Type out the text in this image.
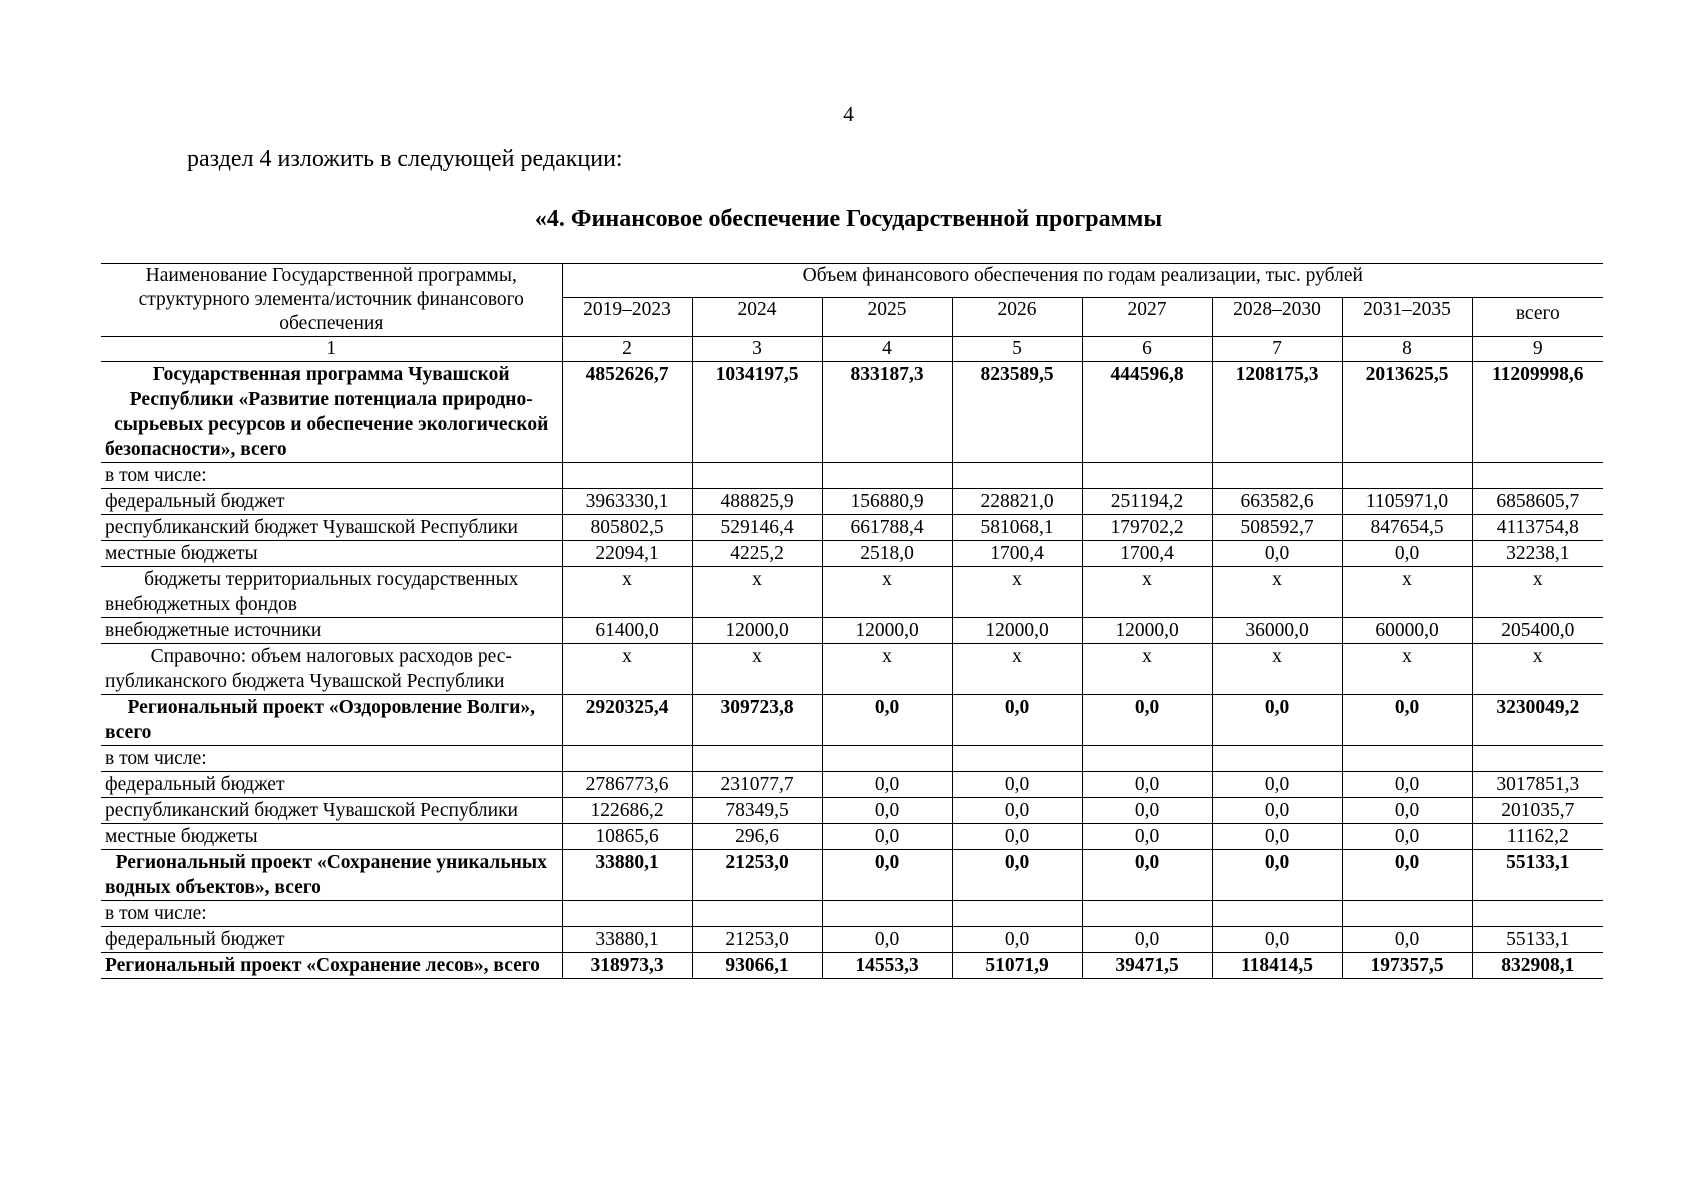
4
раздел 4 изложить в следующей редакции:
«4. Финансовое обеспечение Государственной программы
Наименование Государственной программы, структурного элемента/источник финансового обеспечения	Объем финансового обеспечения по годам реализации, тыс. рублей							
	2019–2023	2024	2025	2026	2027	2028–2030	2031–2035	всего
1	2	3	4	5	6	7	8	9
Государственная программа Чувашской Республики «Развитие потенциала природно-сырьевых ресурсов и обеспечение экологической безопасности», всего	4852626,7	1034197,5	833187,3	823589,5	444596,8	1208175,3	2013625,5	11209998,6
в том числе:								
федеральный бюджет	3963330,1	488825,9	156880,9	228821,0	251194,2	663582,6	1105971,0	6858605,7
республиканский бюджет Чувашской Республики	805802,5	529146,4	661788,4	581068,1	179702,2	508592,7	847654,5	4113754,8
местные бюджеты	22094,1	4225,2	2518,0	1700,4	1700,4	0,0	0,0	32238,1
бюджеты территориальных государственных внебюджетных фондов	х	х	х	х	х	х	х	х
внебюджетные источники	61400,0	12000,0	12000,0	12000,0	12000,0	36000,0	60000,0	205400,0
Справочно: объем налоговых расходов республиканского бюджета Чувашской Республики	х	х	х	х	х	х	х	х
Региональный проект «Оздоровление Волги», всего	2920325,4	309723,8	0,0	0,0	0,0	0,0	0,0	3230049,2
в том числе:								
федеральный бюджет	2786773,6	231077,7	0,0	0,0	0,0	0,0	0,0	3017851,3
республиканский бюджет Чувашской Республики	122686,2	78349,5	0,0	0,0	0,0	0,0	0,0	201035,7
местные бюджеты	10865,6	296,6	0,0	0,0	0,0	0,0	0,0	11162,2
Региональный проект «Сохранение уникальных водных объектов», всего	33880,1	21253,0	0,0	0,0	0,0	0,0	0,0	55133,1
в том числе:								
федеральный бюджет	33880,1	21253,0	0,0	0,0	0,0	0,0	0,0	55133,1
Региональный проект «Сохранение лесов», всего	318973,3	93066,1	14553,3	51071,9	39471,5	118414,5	197357,5	832908,1
